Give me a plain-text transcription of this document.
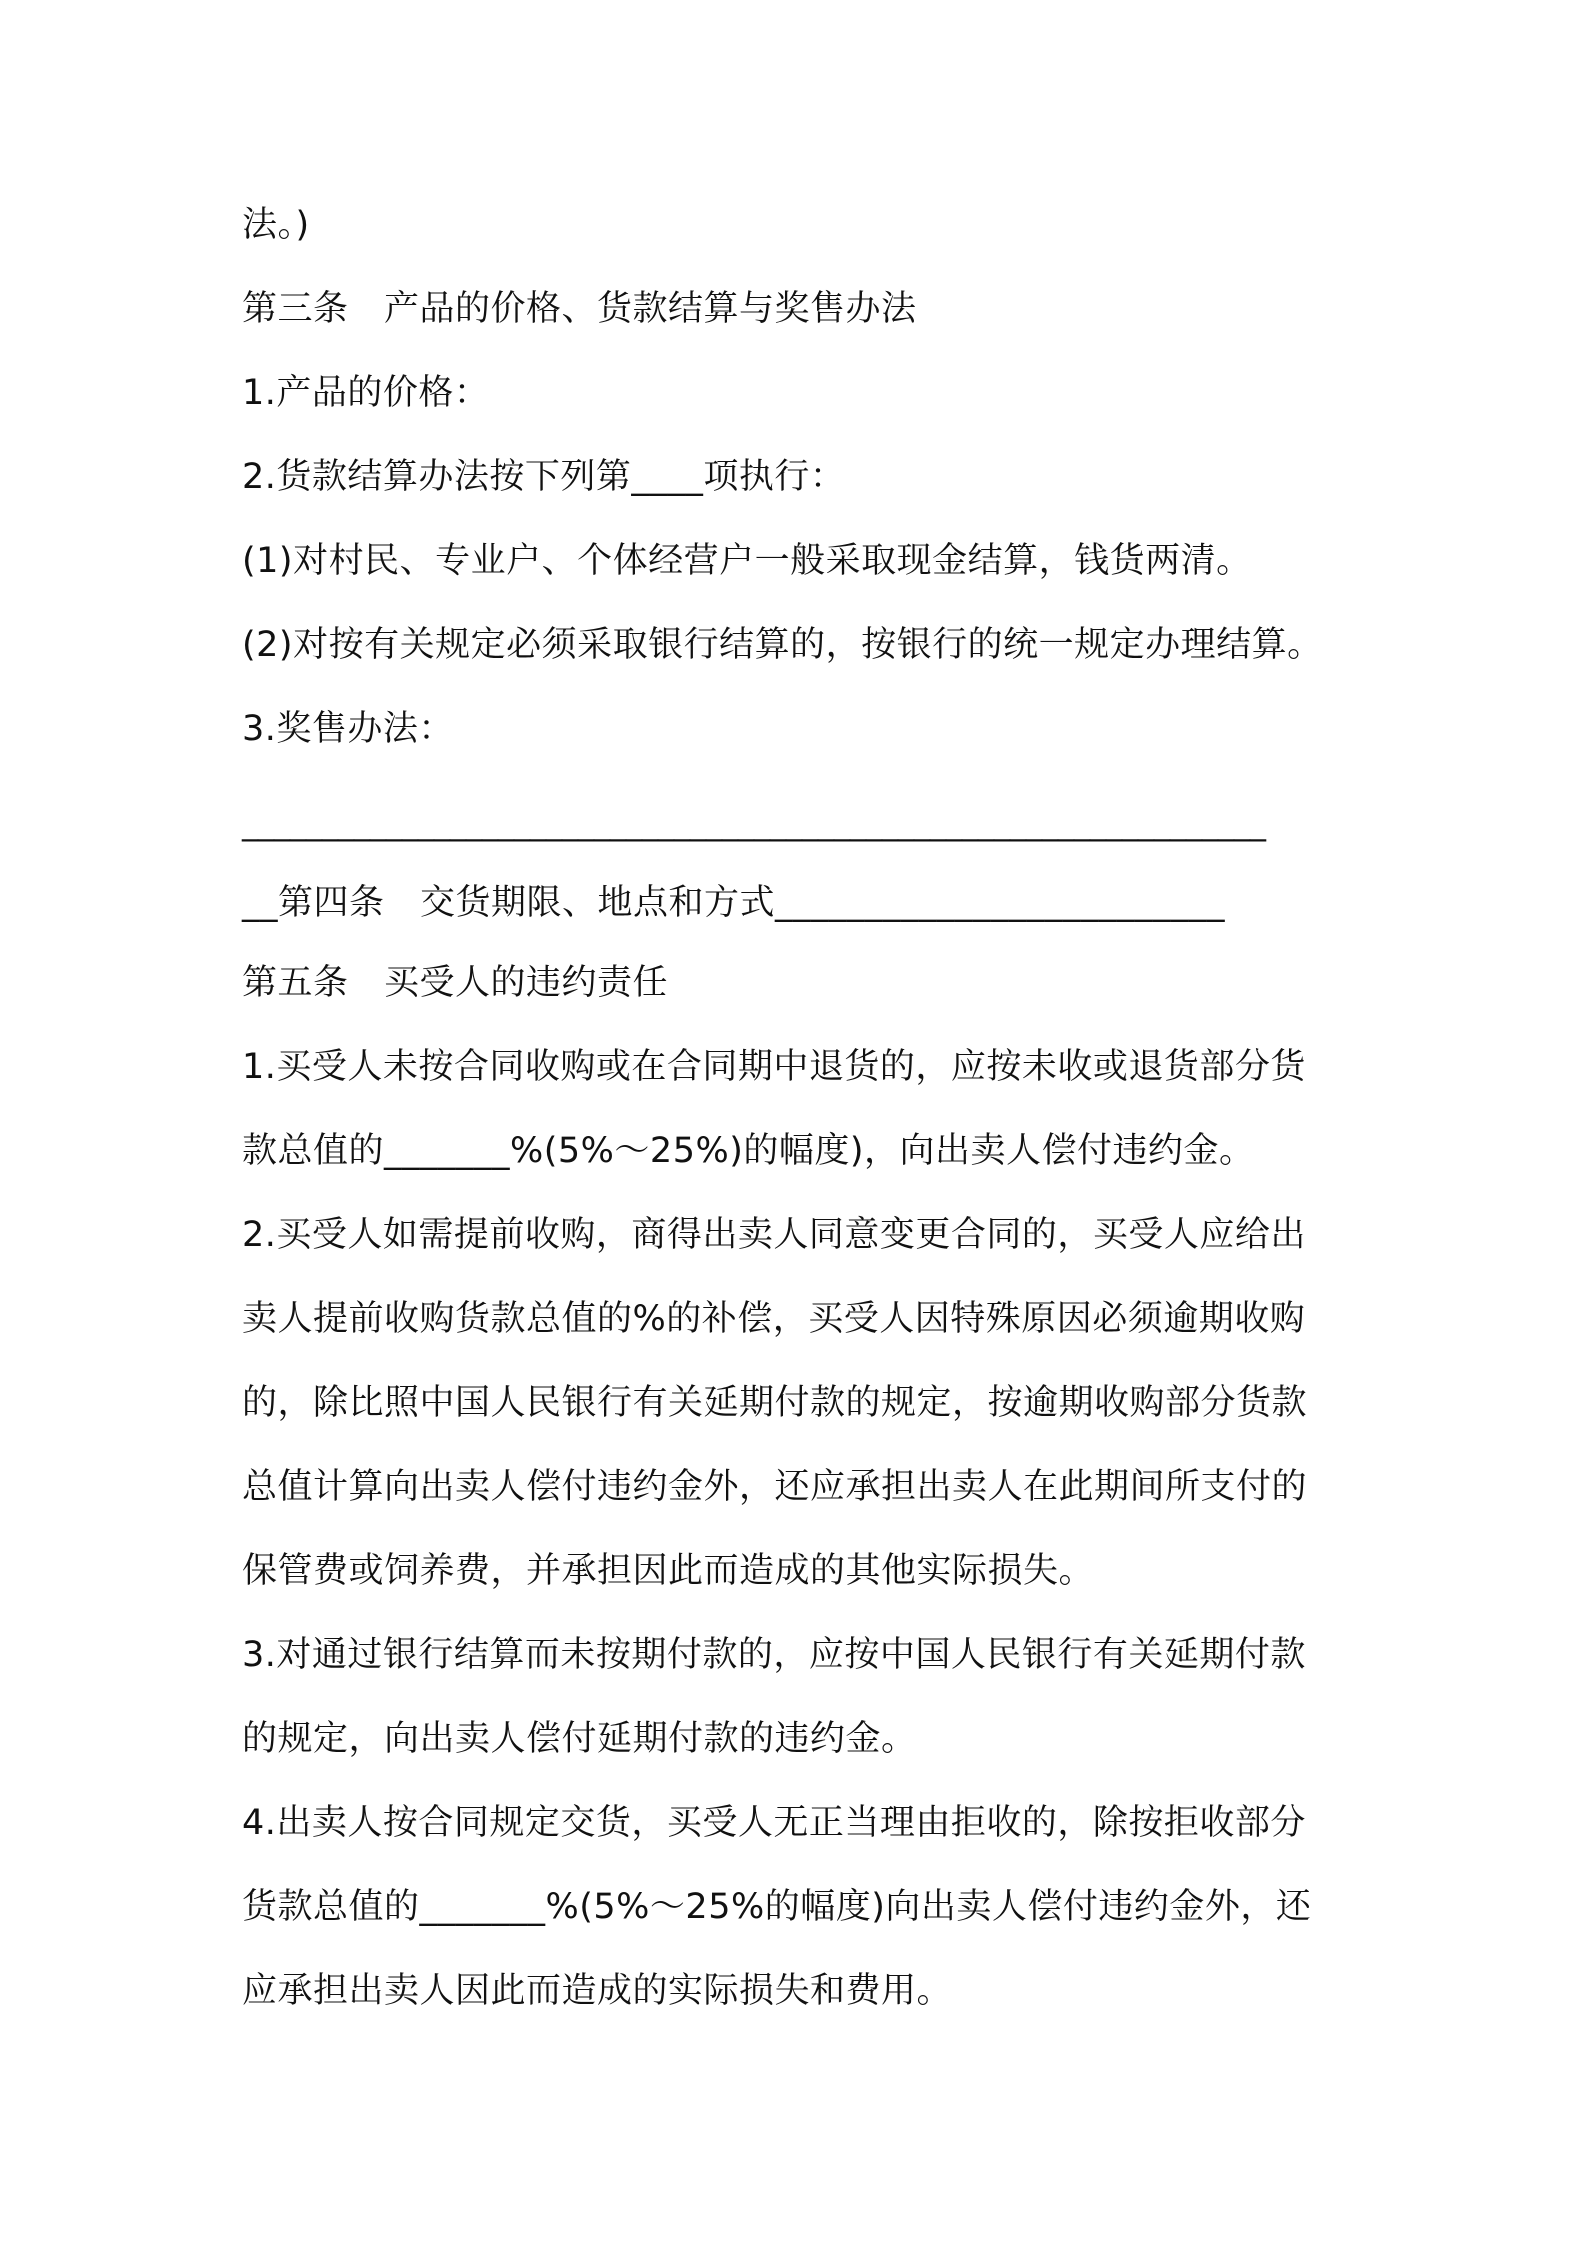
法。)
第三条　产品的价格、货款结算与奖售办法
1.产品的价格：
2.货款结算办法按下列第____项执行：
(1)对村民、专业户、个体经营户一般采取现金结算，钱货两清。
(2)对按有关规定必须采取银行结算的，按银行的统一规定办理结算。
3.奖售办法：
________________________________________________________________
__第四条　交货期限、地点和方式_________________________
第五条　买受人的违约责任
1.买受人未按合同收购或在合同期中退货的，应按未收或退货部分货
款总值的_______%(5%～25%)的幅度)，向出卖人偿付违约金。
2.买受人如需提前收购，商得出卖人同意变更合同的，买受人应给出
卖人提前收购货款总值的%的补偿，买受人因特殊原因必须逾期收购
的，除比照中国人民银行有关延期付款的规定，按逾期收购部分货款
总值计算向出卖人偿付违约金外，还应承担出卖人在此期间所支付的
保管费或饲养费，并承担因此而造成的其他实际损失。
3.对通过银行结算而未按期付款的，应按中国人民银行有关延期付款
的规定，向出卖人偿付延期付款的违约金。
4.出卖人按合同规定交货，买受人无正当理由拒收的，除按拒收部分
货款总值的_______%(5%～25%的幅度)向出卖人偿付违约金外，还
应承担出卖人因此而造成的实际损失和费用。
